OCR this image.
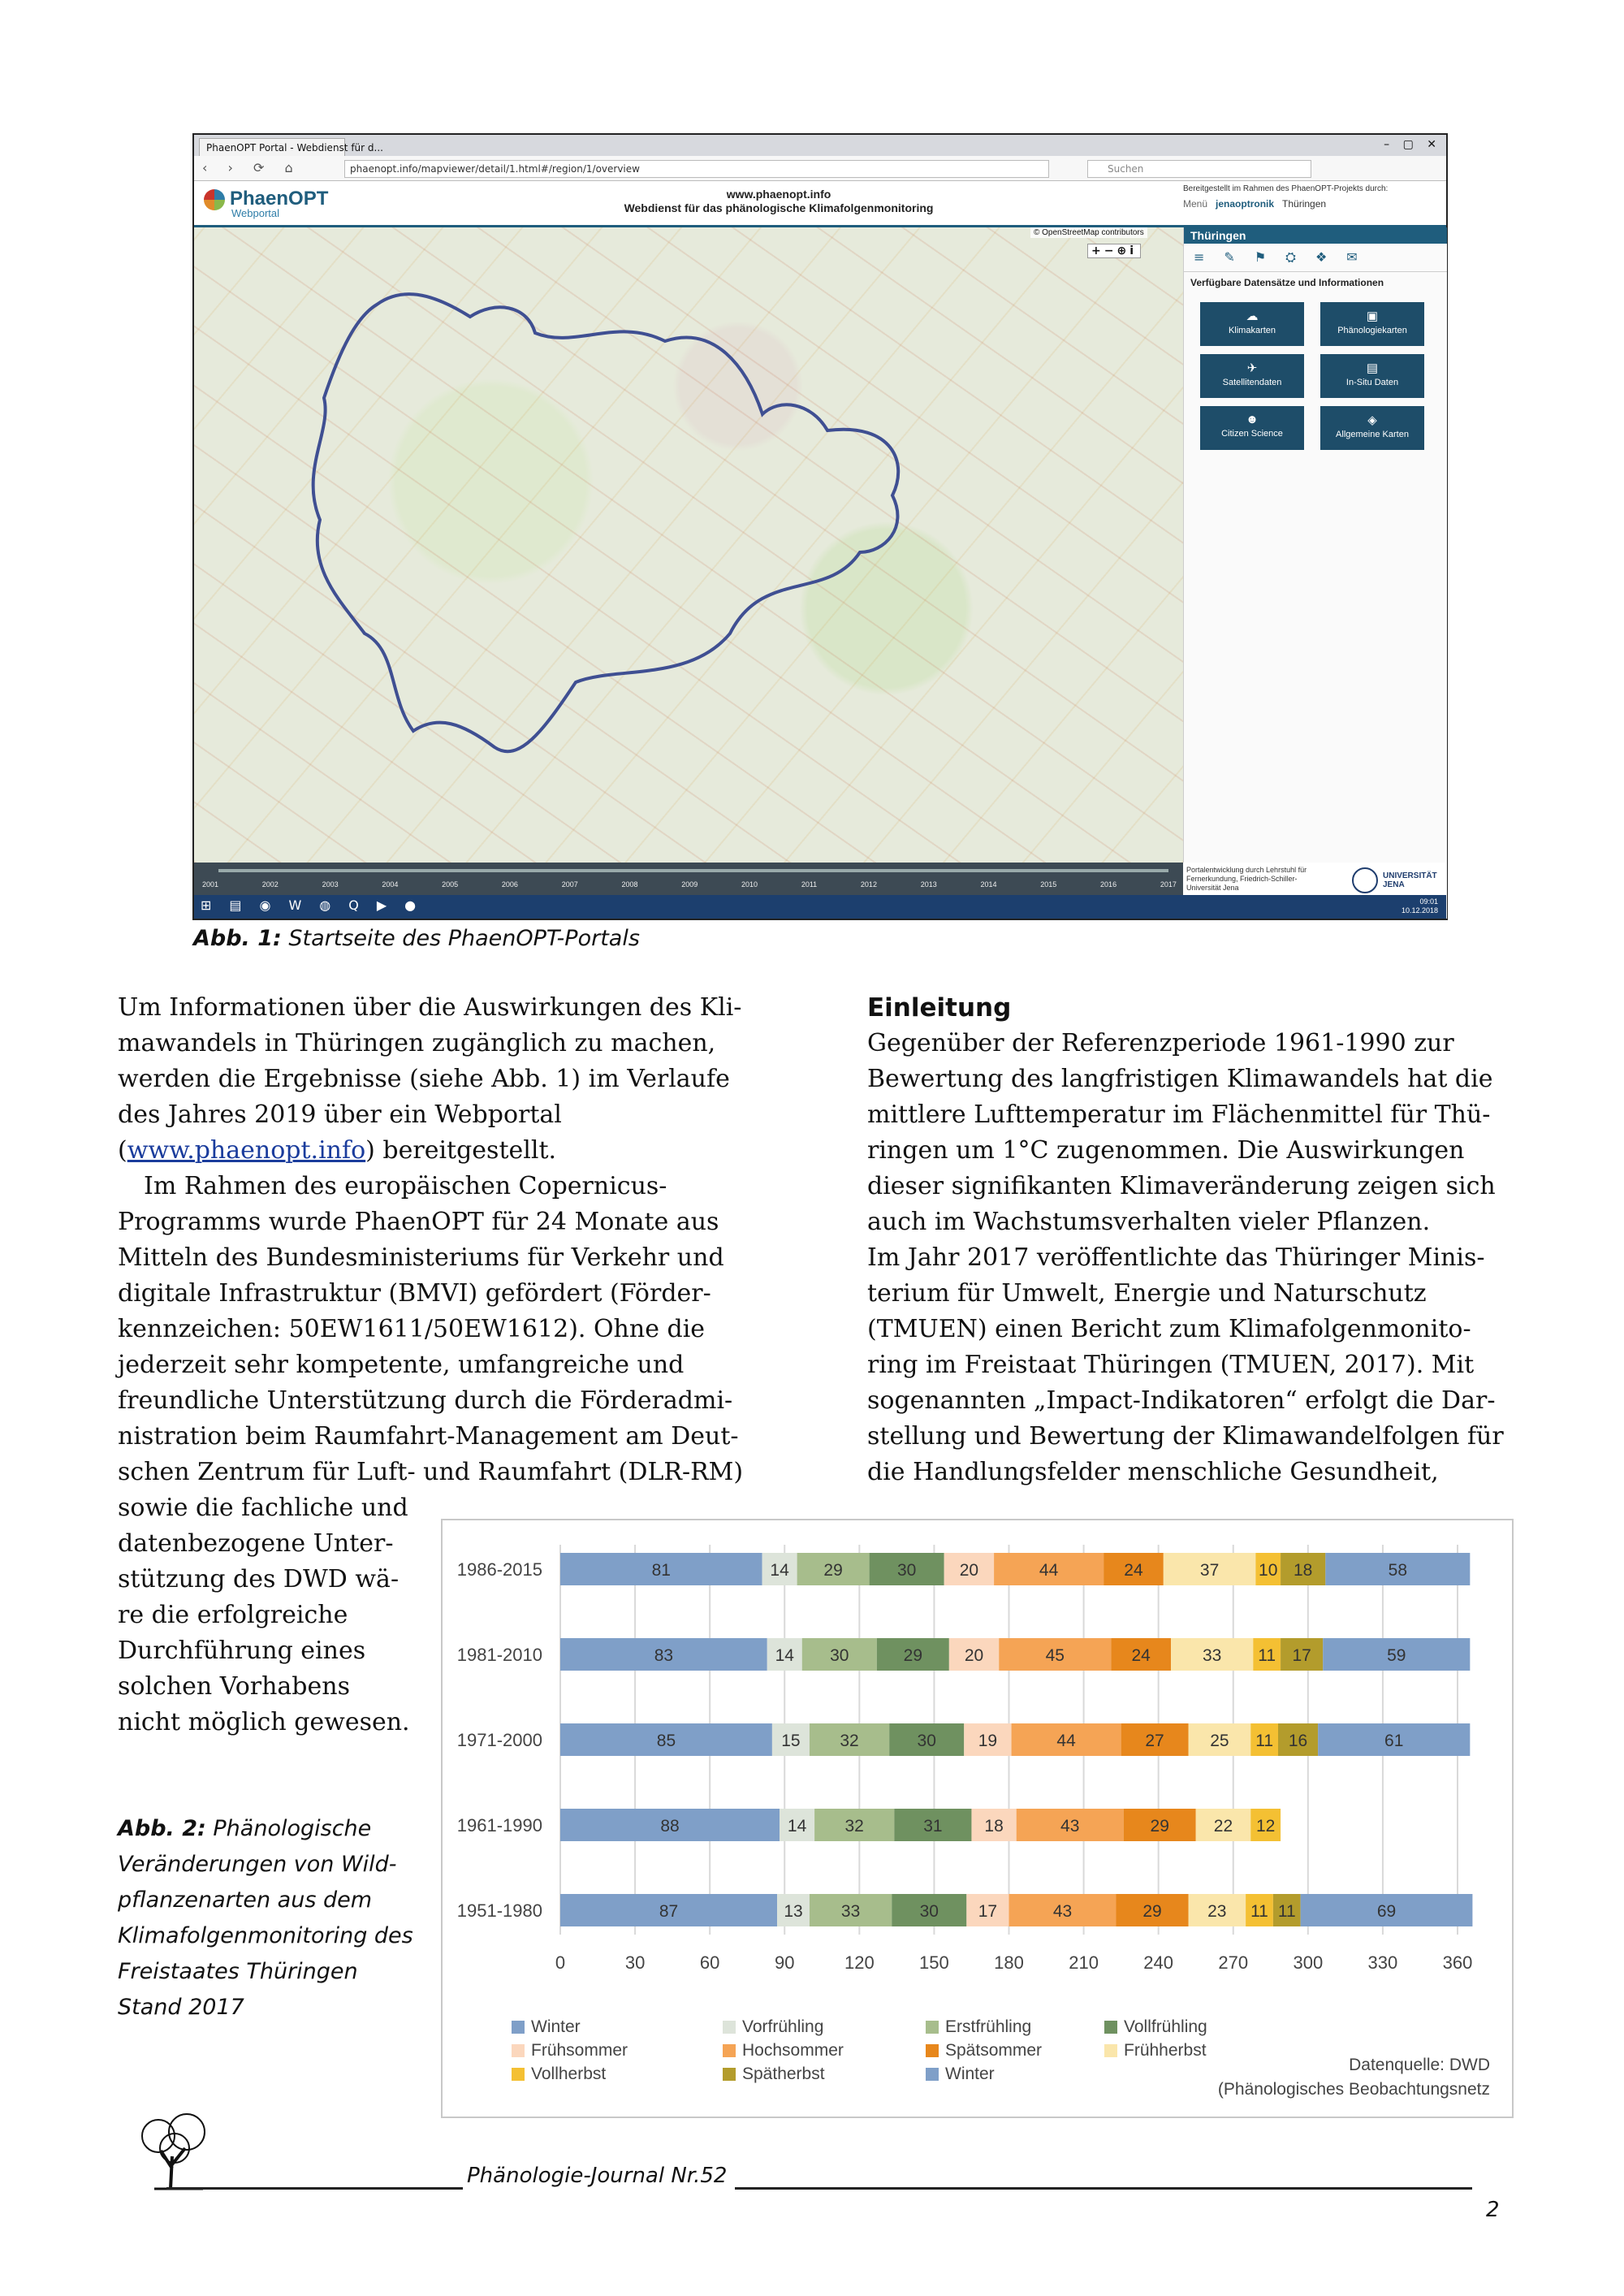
PhaenOPT Portal - Webdienst für d...	– ▢ ✕
‹ › ⟳ ⌂	phaenopt.info/mapviewer/detail/1.html#/region/1/overview	Suchen
PhaenOPT
Webportal
www.phaenopt.info
Webdienst für das phänologische Klimafolgenmonitoring
Bereitgestellt im Rahmen des PhaenOPT-Projekts durch:
Menü jenaoptronik Thüringen
© OpenStreetMap contributors
+−⊕i
Thüringen
≡✎⚑⛭❖✉
Verfügbare Datensätze und Informationen
☁
Klimakarten
▣
Phänologiekarten
✈
Satellitendaten
▤
In-Situ Daten
☻
Citizen Science
◈
Allgemeine Karten
2001	2002	2003	2004	2005	2006	2007	2008	2009	2010	2011	2012	2013	2014	2015	2016	2017
Portalentwicklung durch Lehrstuhl für Fernerkundung, Friedrich-Schiller-Universität Jena
UNIVERSITÄT JENA
⊞▤◉W◍Q▶●	09:01
10.12.2018
Abb. 1: Startseite des PhaenOPT-Portals

Um Informationen über die Auswirkungen des Kli-

mawandels in Thüringen zugänglich zu machen,

werden die Ergebnisse (siehe Abb. 1) im Verlaufe

des Jahres 2019 über ein Webportal

(www.phaenopt.info) bereitgestellt.

Im Rahmen des europäischen Copernicus-

Programms wurde PhaenOPT für 24 Monate aus

Mitteln des Bundesministeriums für Verkehr und

digitale Infrastruktur (BMVI) gefördert (Förder-

kennzeichen: 50EW1611/50EW1612). Ohne die

jederzeit sehr kompetente, umfangreiche und

freundliche Unterstützung durch die Förderadmi-

nistration beim Raumfahrt-Management am Deut-

schen Zentrum für Luft- und Raumfahrt (DLR-RM)

sowie die fachliche und

datenbezogene Unter-

stützung des DWD wä-

re die erfolgreiche

Durchführung eines

solchen Vorhabens

nicht möglich gewesen.

Einleitung

Gegenüber der Referenzperiode 1961-1990 zur

Bewertung des langfristigen Klimawandels hat die

mittlere Lufttemperatur im Flächenmittel für Thü-

ringen um 1°C zugenommen. Die Auswirkungen

dieser signifikanten Klimaveränderung zeigen sich

auch im Wachstumsverhalten vieler Pflanzen.

Im Jahr 2017 veröffentlichte das Thüringer Minis-

terium für Umwelt, Energie und Naturschutz

(TMUEN) einen Bericht zum Klimafolgenmonito-

ring im Freistaat Thüringen (TMUEN, 2017). Mit

sogenannten „Impact-Indikatoren“ erfolgt die Dar-

stellung und Bewertung der Klimawandelfolgen für

die Handlungsfelder menschliche Gesundheit,

Abb. 2: Phänologische
Veränderungen von Wild-
pflanzenarten aus dem
Klimafolgenmonitoring des
Freistaates Thüringen
Stand 2017
0	30	60	90	120	150	180	210	240	270	300	330	360
1986-2015	81	14 29	30	20	44	24	37 10 18	58
1981-2010	83	14 30	29 20	45	24	33 11 17	59
1971-2000	85	15 32	30 19	44	27	25 11 16	61
1961-1990	88	14 32	31 18	43	29	22 12
1951-1980	87	13 33	30 17	43	29	23 11 11	69
Winter	Vorfrühling	Erstfrühling	Vollfrühling
Frühsommer	Hochsommer	Spätsommer	Frühherbst
Vollherbst	Spätherbst	Winter	Datenquelle: DWD
(Phänologisches Beobachtungsnetz
Phänologie-Journal Nr.52
2
